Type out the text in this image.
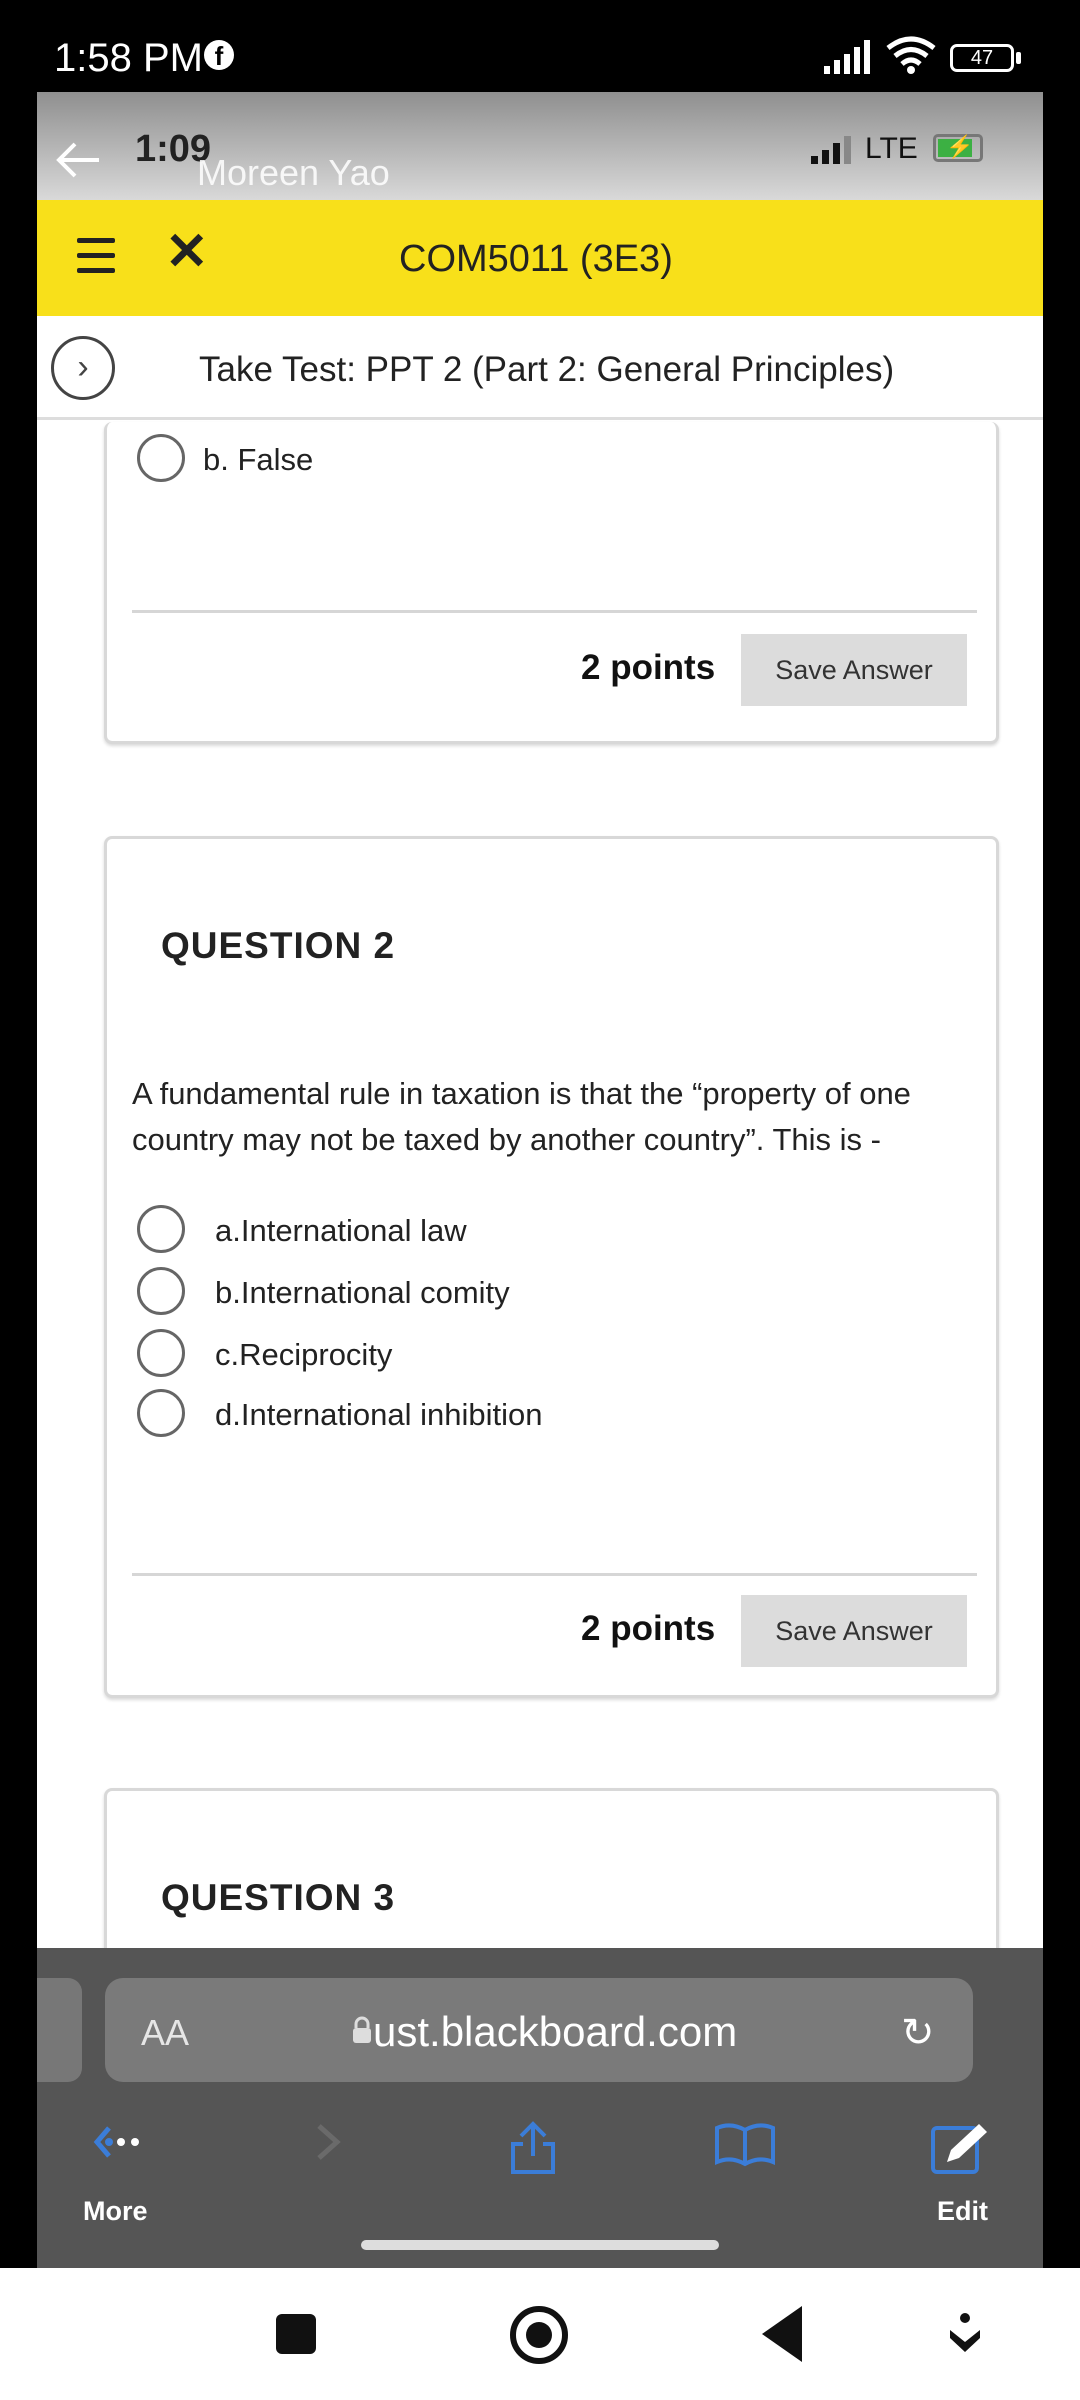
1:58 PM f	47
1:09
Moreen Yao
LTE ⚡
✕	COM5011 (3E3)
›	Take Test: PPT 2 (Part 2: General Principles)
b. False
2 points	Save Answer
QUESTION 2
A fundamental rule in taxation is that the “property of one country may not be taxed by another country”. This is -
a.International law
b.International comity
c.Reciprocity
d.International inhibition
2 points	Save Answer
QUESTION 3
AA	ust.blackboard.com	↻
More	Edit
